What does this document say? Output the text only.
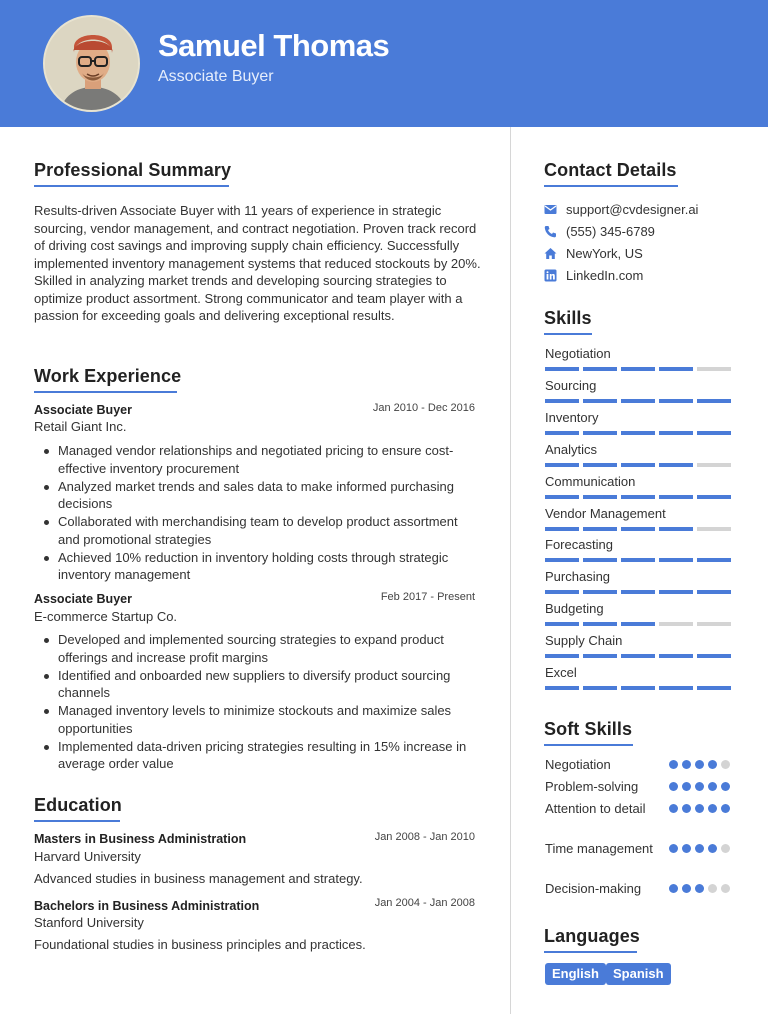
Samuel Thomas
Associate Buyer
Professional Summary
Results-driven Associate Buyer with 11 years of experience in strategic sourcing, vendor management, and contract negotiation. Proven track record of driving cost savings and improving supply chain efficiency. Successfully implemented inventory management systems that reduced stockouts by 20%. Skilled in analyzing market trends and developing sourcing strategies to optimize product assortment. Strong communicator and team player with a passion for exceeding goals and delivering exceptional results.
Work Experience
Associate Buyer	Jan 2010 - Dec 2016
Retail Giant Inc.
Managed vendor relationships and negotiated pricing to ensure cost-effective inventory procurement
Analyzed market trends and sales data to make informed purchasing decisions
Collaborated with merchandising team to develop product assortment and promotional strategies
Achieved 10% reduction in inventory holding costs through strategic inventory management
Associate Buyer	Feb 2017 - Present
E-commerce Startup Co.
Developed and implemented sourcing strategies to expand product offerings and increase profit margins
Identified and onboarded new suppliers to diversify product sourcing channels
Managed inventory levels to minimize stockouts and maximize sales opportunities
Implemented data-driven pricing strategies resulting in 15% increase in average order value
Education
Masters in Business Administration	Jan 2008 - Jan 2010
Harvard University
Advanced studies in business management and strategy.
Bachelors in Business Administration	Jan 2004 - Jan 2008
Stanford University
Foundational studies in business principles and practices.
Contact Details
support@cvdesigner.ai
(555) 345-6789
NewYork, US
LinkedIn.com
Skills
Negotiation
Sourcing
Inventory
Analytics
Communication
Vendor Management
Forecasting
Purchasing
Budgeting
Supply Chain
Excel
Soft Skills
Negotiation
Problem-solving
Attention to detail
Time management
Decision-making
Languages
English	Spanish
